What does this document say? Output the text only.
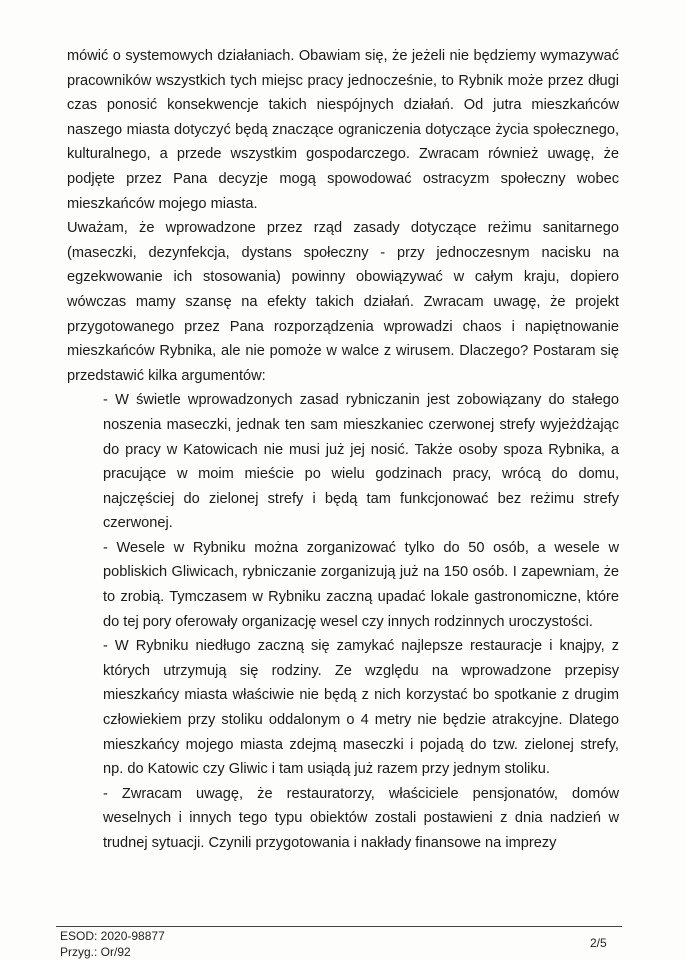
mówić o systemowych działaniach. Obawiam się, że jeżeli nie będziemy wymazywać pracowników wszystkich tych miejsc pracy jednocześnie, to Rybnik może przez długi czas ponosić konsekwencje takich niespójnych działań. Od jutra mieszkańców naszego miasta dotyczyć będą znaczące ograniczenia dotyczące życia społecznego, kulturalnego, a przede wszystkim gospodarczego. Zwracam również uwagę, że podjęte przez Pana decyzje mogą spowodować ostracyzm społeczny wobec mieszkańców mojego miasta.

Uważam, że wprowadzone przez rząd zasady dotyczące reżimu sanitarnego (maseczki, dezynfekcja, dystans społeczny - przy jednoczesnym nacisku na egzekwowanie ich stosowania) powinny obowiązywać w całym kraju, dopiero wówczas mamy szansę na efekty takich działań. Zwracam uwagę, że projekt przygotowanego przez Pana rozporządzenia wprowadzi chaos i napiętnowanie mieszkańców Rybnika, ale nie pomoże w walce z wirusem. Dlaczego? Postaram się przedstawić kilka argumentów:

- W świetle wprowadzonych zasad rybniczanin jest zobowiązany do stałego noszenia maseczki, jednak ten sam mieszkaniec czerwonej strefy wyjeżdżając do pracy w Katowicach nie musi już jej nosić. Także osoby spoza Rybnika, a pracujące w moim mieście po wielu godzinach pracy, wrócą do domu, najczęściej do zielonej strefy i będą tam funkcjonować bez reżimu strefy czerwonej.

- Wesele w Rybniku można zorganizować tylko do 50 osób, a wesele w pobliskich Gliwicach, rybniczanie zorganizują już na 150 osób. I zapewniam, że to zrobią. Tymczasem w Rybniku zaczną upadać lokale gastronomiczne, które do tej pory oferowały organizację wesel czy innych rodzinnych uroczystości.

- W Rybniku niedługo zaczną się zamykać najlepsze restauracje i knajpy, z których utrzymują się rodziny. Ze względu na wprowadzone przepisy mieszkańcy miasta właściwie nie będą z nich korzystać bo spotkanie z drugim człowiekiem przy stoliku oddalonym o 4 metry nie będzie atrakcyjne. Dlatego mieszkańcy mojego miasta zdejmą maseczki i pojadą do tzw. zielonej strefy, np. do Katowic czy Gliwic i tam usiądą już razem przy jednym stoliku.

- Zwracam uwagę, że restauratorzy, właściciele pensjonatów, domów weselnych i innych tego typu obiektów zostali postawieni z dnia nadzień w trudnej sytuacji. Czynili przygotowania i nakłady finansowe na imprezy

ESOD: 2020-98877
Przyg.: Or/92
2/5
